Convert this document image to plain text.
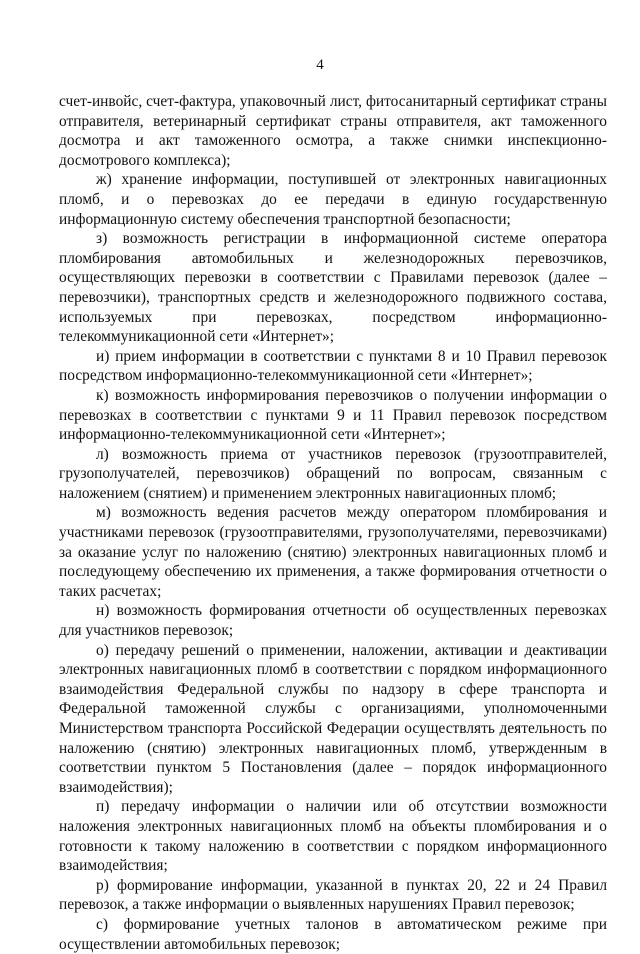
4

счет-инвойс, счет-фактура, упаковочный лист, фитосанитарный сертификат страны отправителя, ветеринарный сертификат страны отправителя, акт таможенного досмотра и акт таможенного осмотра, а также снимки инспекционно-досмотрового комплекса);

ж) хранение информации, поступившей от электронных навигационных пломб, и о перевозках до ее передачи в единую государственную информационную систему обеспечения транспортной безопасности;

з) возможность регистрации в информационной системе оператора пломбирования автомобильных и железнодорожных перевозчиков, осуществляющих перевозки в соответствии с Правилами перевозок (далее – перевозчики), транспортных средств и железнодорожного подвижного состава, используемых при перевозках, посредством информационно-телекоммуникационной сети «Интернет»;

и) прием информации в соответствии с пунктами 8 и 10 Правил перевозок посредством информационно-телекоммуникационной сети «Интернет»;

к) возможность информирования перевозчиков о получении информации о перевозках в соответствии с пунктами 9 и 11 Правил перевозок посредством информационно-телекоммуникационной сети «Интернет»;

л) возможность приема от участников перевозок (грузоотправителей, грузополучателей, перевозчиков) обращений по вопросам, связанным с наложением (снятием) и применением электронных навигационных пломб;

м) возможность ведения расчетов между оператором пломбирования и участниками перевозок (грузоотправителями, грузополучателями, перевозчиками) за оказание услуг по наложению (снятию) электронных навигационных пломб и последующему обеспечению их применения, а также формирования отчетности о таких расчетах;

н) возможность формирования отчетности об осуществленных перевозках для участников перевозок;

о) передачу решений о применении, наложении, активации и деактивации электронных навигационных пломб в соответствии с порядком информационного взаимодействия Федеральной службы по надзору в сфере транспорта и Федеральной таможенной службы с организациями, уполномоченными Министерством транспорта Российской Федерации осуществлять деятельность по наложению (снятию) электронных навигационных пломб, утвержденным в соответствии пунктом 5 Постановления (далее – порядок информационного взаимодействия);

п) передачу информации о наличии или об отсутствии возможности наложения электронных навигационных пломб на объекты пломбирования и о готовности к такому наложению в соответствии с порядком информационного взаимодействия;

р) формирование информации, указанной в пунктах 20, 22 и 24 Правил перевозок, а также информации о выявленных нарушениях Правил перевозок;

с) формирование учетных талонов в автоматическом режиме при осуществлении автомобильных перевозок;
